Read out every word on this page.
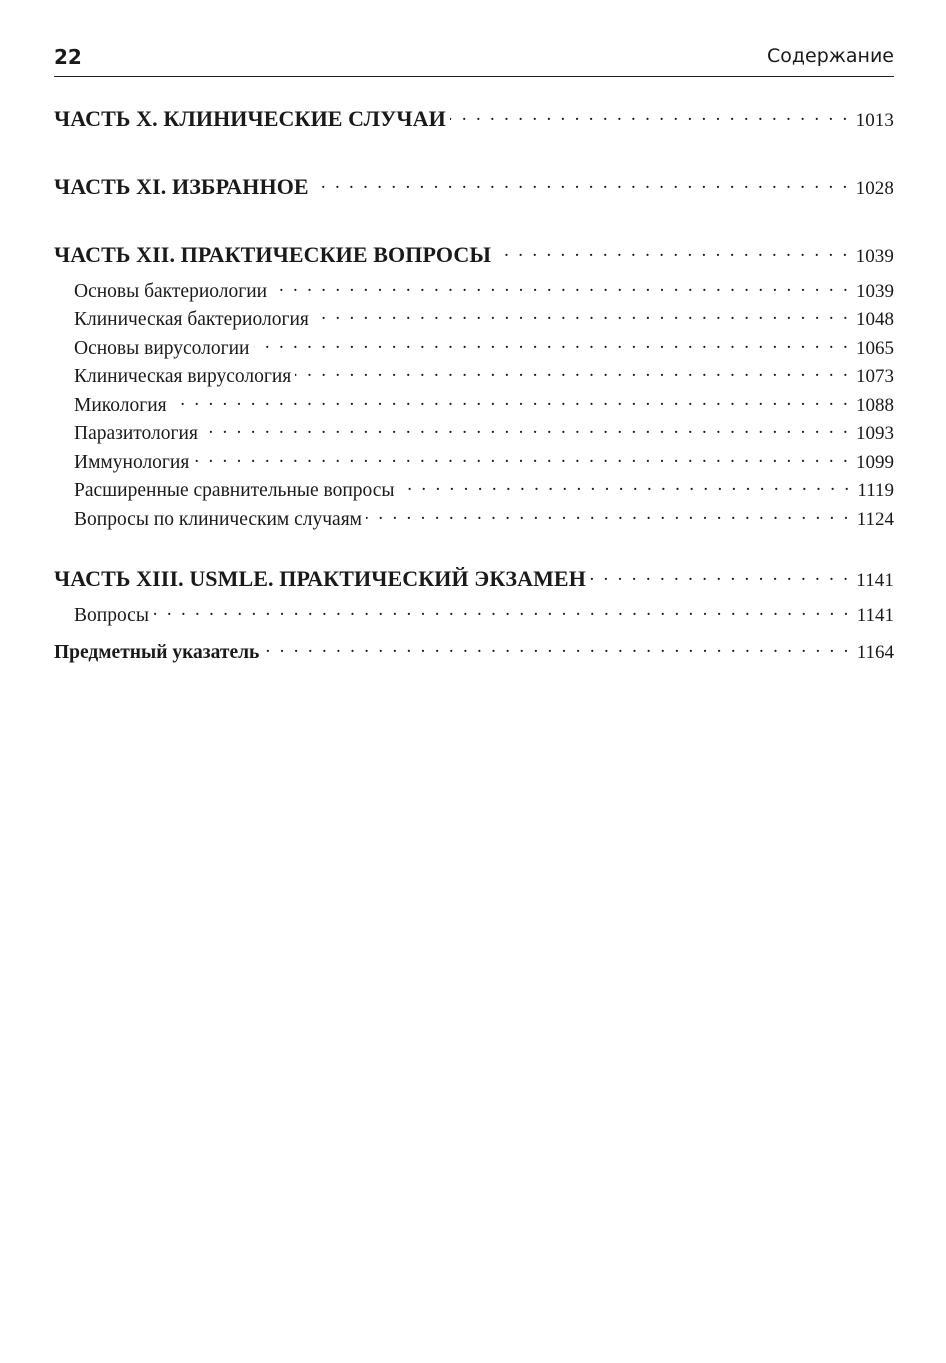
22	Содержание
ЧАСТЬ X. КЛИНИЧЕСКИЕ СЛУЧАИ . . .	1013
ЧАСТЬ XI. ИЗБРАННОЕ . . .	1028
ЧАСТЬ XII. ПРАКТИЧЕСКИЕ ВОПРОСЫ . . .	1039
Основы бактериологии . . .	1039
Клиническая бактериология . . .	1048
Основы вирусологии . . .	1065
Клиническая вирусология . . .	1073
Микология . . .	1088
Паразитология . . .	1093
Иммунология . . .	1099
Расширенные сравнительные вопросы . . .	1119
Вопросы по клиническим случаям . . .	1124
ЧАСТЬ XIII. USMLE. ПРАКТИЧЕСКИЙ ЭКЗАМЕН . . .	1141
Вопросы . . .	1141
Предметный указатель . . .	1164
